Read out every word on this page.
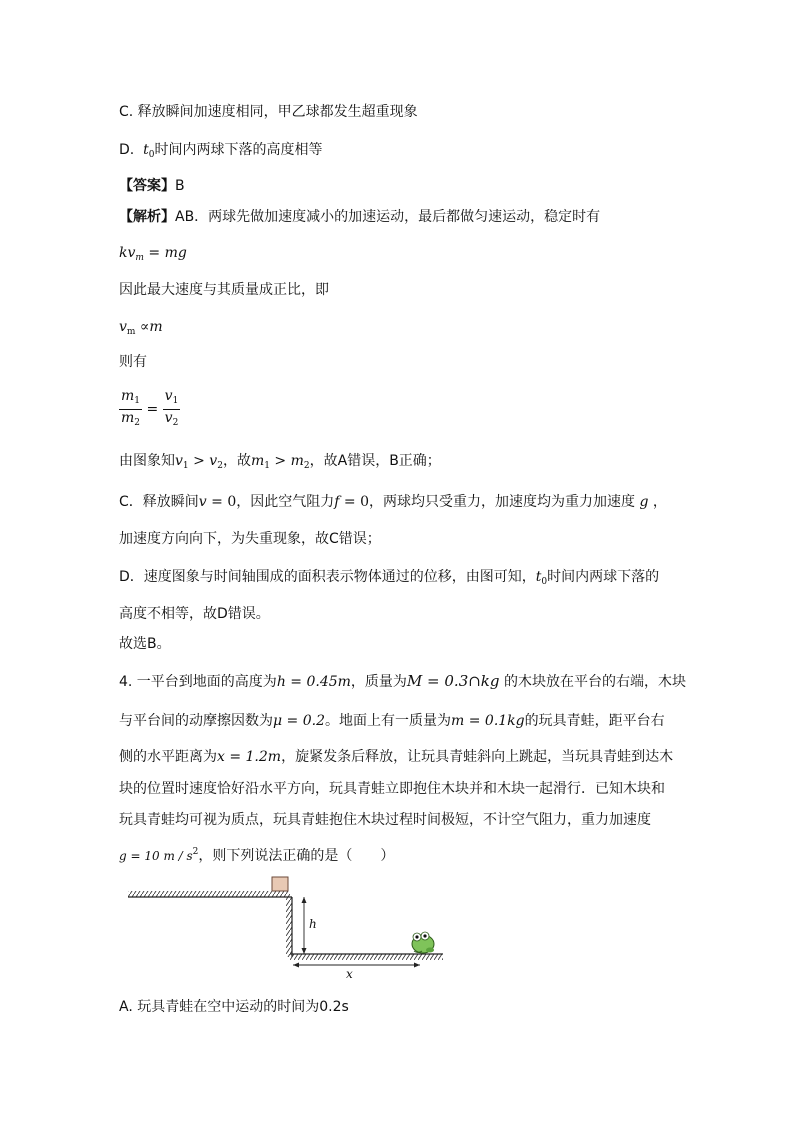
C. 释放瞬间加速度相同，甲乙球都发生超重现象
D. $t_0$时间内两球下落的高度相等
【答案】B
【解析】AB．两球先做加速度减小的加速运动，最后都做匀速运动，稳定时有
$kv_m$ = mg
因此最大速度与其质量成正比，即
$v_m \propto m$
则有
$\frac{m_1}{m_2} = \frac{v_1}{v_2}$
由图象知$v_1 > v_2$，故$m_1 > m_2$，故A错误，B正确；
C．释放瞬间v = 0，因此空气阻力f = 0，两球均只受重力，加速度均为重力加速度 g ，
加速度方向向下，为失重现象，故C错误；
D．速度图象与时间轴围成的面积表示物体通过的位移，由图可知，$t_0$时间内两球下落的
高度不相等，故D错误。
故选B。
4. 一平台到地面的高度为h = 0.45m，质量为M = 0.3∩kg 的木块放在平台的右端，木块
与平台间的动摩擦因数为μ = 0.2。地面上有一质量为m = 0.1kg的玩具青蛙，距平台右
侧的水平距离为x = 1.2m，旋紧发条后释放，让玩具青蛙斜向上跳起，当玩具青蛙到达木
块的位置时速度恰好沿水平方向，玩具青蛙立即抱住木块并和木块一起滑行．已知木块和
玩具青蛙均可视为质点，玩具青蛙抱住木块过程时间极短，不计空气阻力，重力加速度
g = 10 m / $s^2$，则下列说法正确的是（　　）
h
x
A. 玩具青蛙在空中运动的时间为0.2s
